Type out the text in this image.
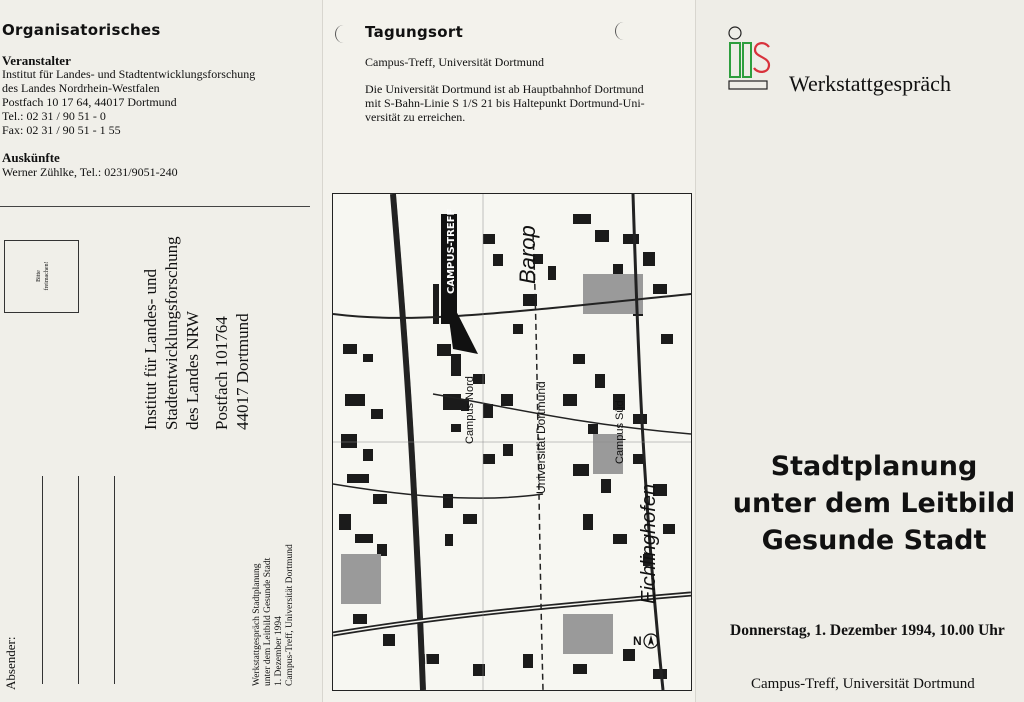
Organisatorisches
Veranstalter
Institut für Landes- und Stadtentwicklungsforschung
des Landes Nordrhein-Westfalen
Postfach 10 17 64, 44017 Dortmund
Tel.: 02 31 / 90 51 - 0
Fax: 02 31 / 90 51 - 1 55
Auskünfte
Werner Zühlke, Tel.: 0231/9051-240
Bitte freimachen!	Institut für Landes- und Stadtentwicklungsforschung des Landes NRW Postfach 101764 44017 Dortmund
Absender:	Werkstattgespräch Stadtplanung unter dem Leitbild Gesunde Stadt 1. Dezember 1994 Campus-Treff, Universität Dortmund
Tagungsort
Campus-Treff, Universität Dortmund
Die Universität Dortmund ist ab Hauptbahnhof Dortmund
mit S-Bahn-Linie S 1/S 21 bis Haltepunkt Dortmund-Uni-
versität zu erreichen.
CAMPUS-TREFF	Barop
Universität Dortmund
Campus Nord	Campus Süd
Eichlinghofen
N
Werkstattgespräch
Stadtplanung
unter dem Leitbild
Gesunde Stadt
Donnerstag, 1. Dezember 1994, 10.00 Uhr
Campus-Treff, Universität Dortmund
